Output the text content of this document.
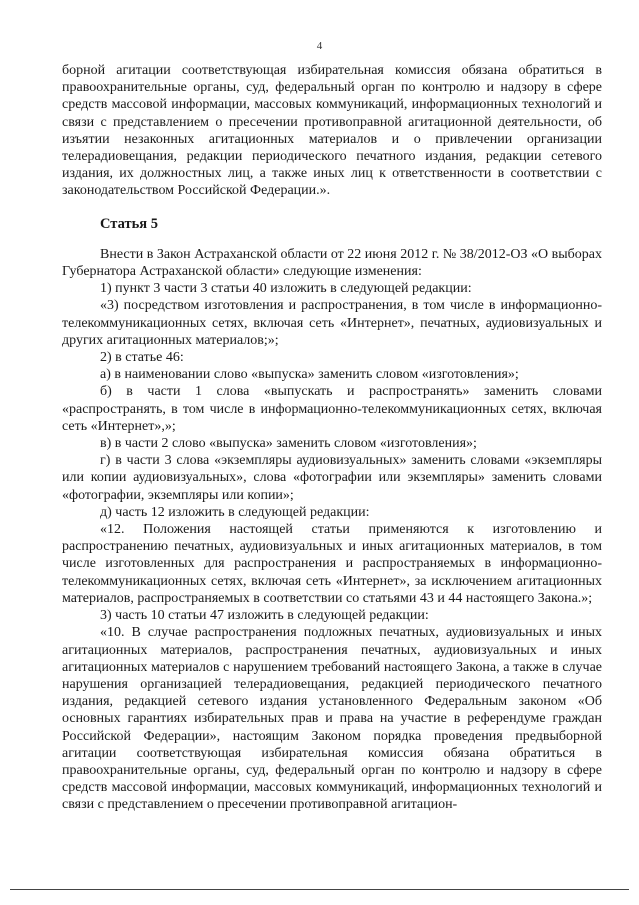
4

борной агитации соответствующая избирательная комиссия обязана обратиться в правоохранительные органы, суд, федеральный орган по контролю и надзору в сфере средств массовой информации, массовых коммуникаций, информационных технологий и связи с представлением о пресечении противоправной агитационной деятельности, об изъятии незаконных агитационных материалов и о привлечении организации телерадиовещания, редакции периодического печатного издания, редакции сетевого издания, их должностных лиц, а также иных лиц к ответственности в соответствии с законодательством Российской Федерации.».

Статья 5

Внести в Закон Астраханской области от 22 июня 2012 г. № 38/2012-ОЗ «О выборах Губернатора Астраханской области» следующие изменения:

1) пункт 3 части 3 статьи 40 изложить в следующей редакции:

«3) посредством изготовления и распространения, в том числе в информационно-телекоммуникационных сетях, включая сеть «Интернет», печатных, аудиовизуальных и других агитационных материалов;»;

2) в статье 46:

а) в наименовании слово «выпуска» заменить словом «изготовления»;

б) в части 1 слова «выпускать и распространять» заменить словами «распространять, в том числе в информационно-телекоммуникационных сетях, включая сеть «Интернет»,»;

в) в части 2 слово «выпуска» заменить словом «изготовления»;

г) в части 3 слова «экземпляры аудиовизуальных» заменить словами «экземпляры или копии аудиовизуальных», слова «фотографии или экземпляры» заменить словами «фотографии, экземпляры или копии»;

д) часть 12 изложить в следующей редакции:

«12. Положения настоящей статьи применяются к изготовлению и распространению печатных, аудиовизуальных и иных агитационных материалов, в том числе изготовленных для распространения и распространяемых в информационно-телекоммуникационных сетях, включая сеть «Интернет», за исключением агитационных материалов, распространяемых в соответствии со статьями 43 и 44 настоящего Закона.»;

3) часть 10 статьи 47 изложить в следующей редакции:

«10. В случае распространения подложных печатных, аудиовизуальных и иных агитационных материалов, распространения печатных, аудиовизуальных и иных агитационных материалов с нарушением требований настоящего Закона, а также в случае нарушения организацией телерадиовещания, редакцией периодического печатного издания, редакцией сетевого издания установленного Федеральным законом «Об основных гарантиях избирательных прав и права на участие в референдуме граждан Российской Федерации», настоящим Законом порядка проведения предвыборной агитации соответствующая избирательная комиссия обязана обратиться в правоохранительные органы, суд, федеральный орган по контролю и надзору в сфере средств массовой информации, массовых коммуникаций, информационных технологий и связи с представлением о пресечении противоправной агитацион-
